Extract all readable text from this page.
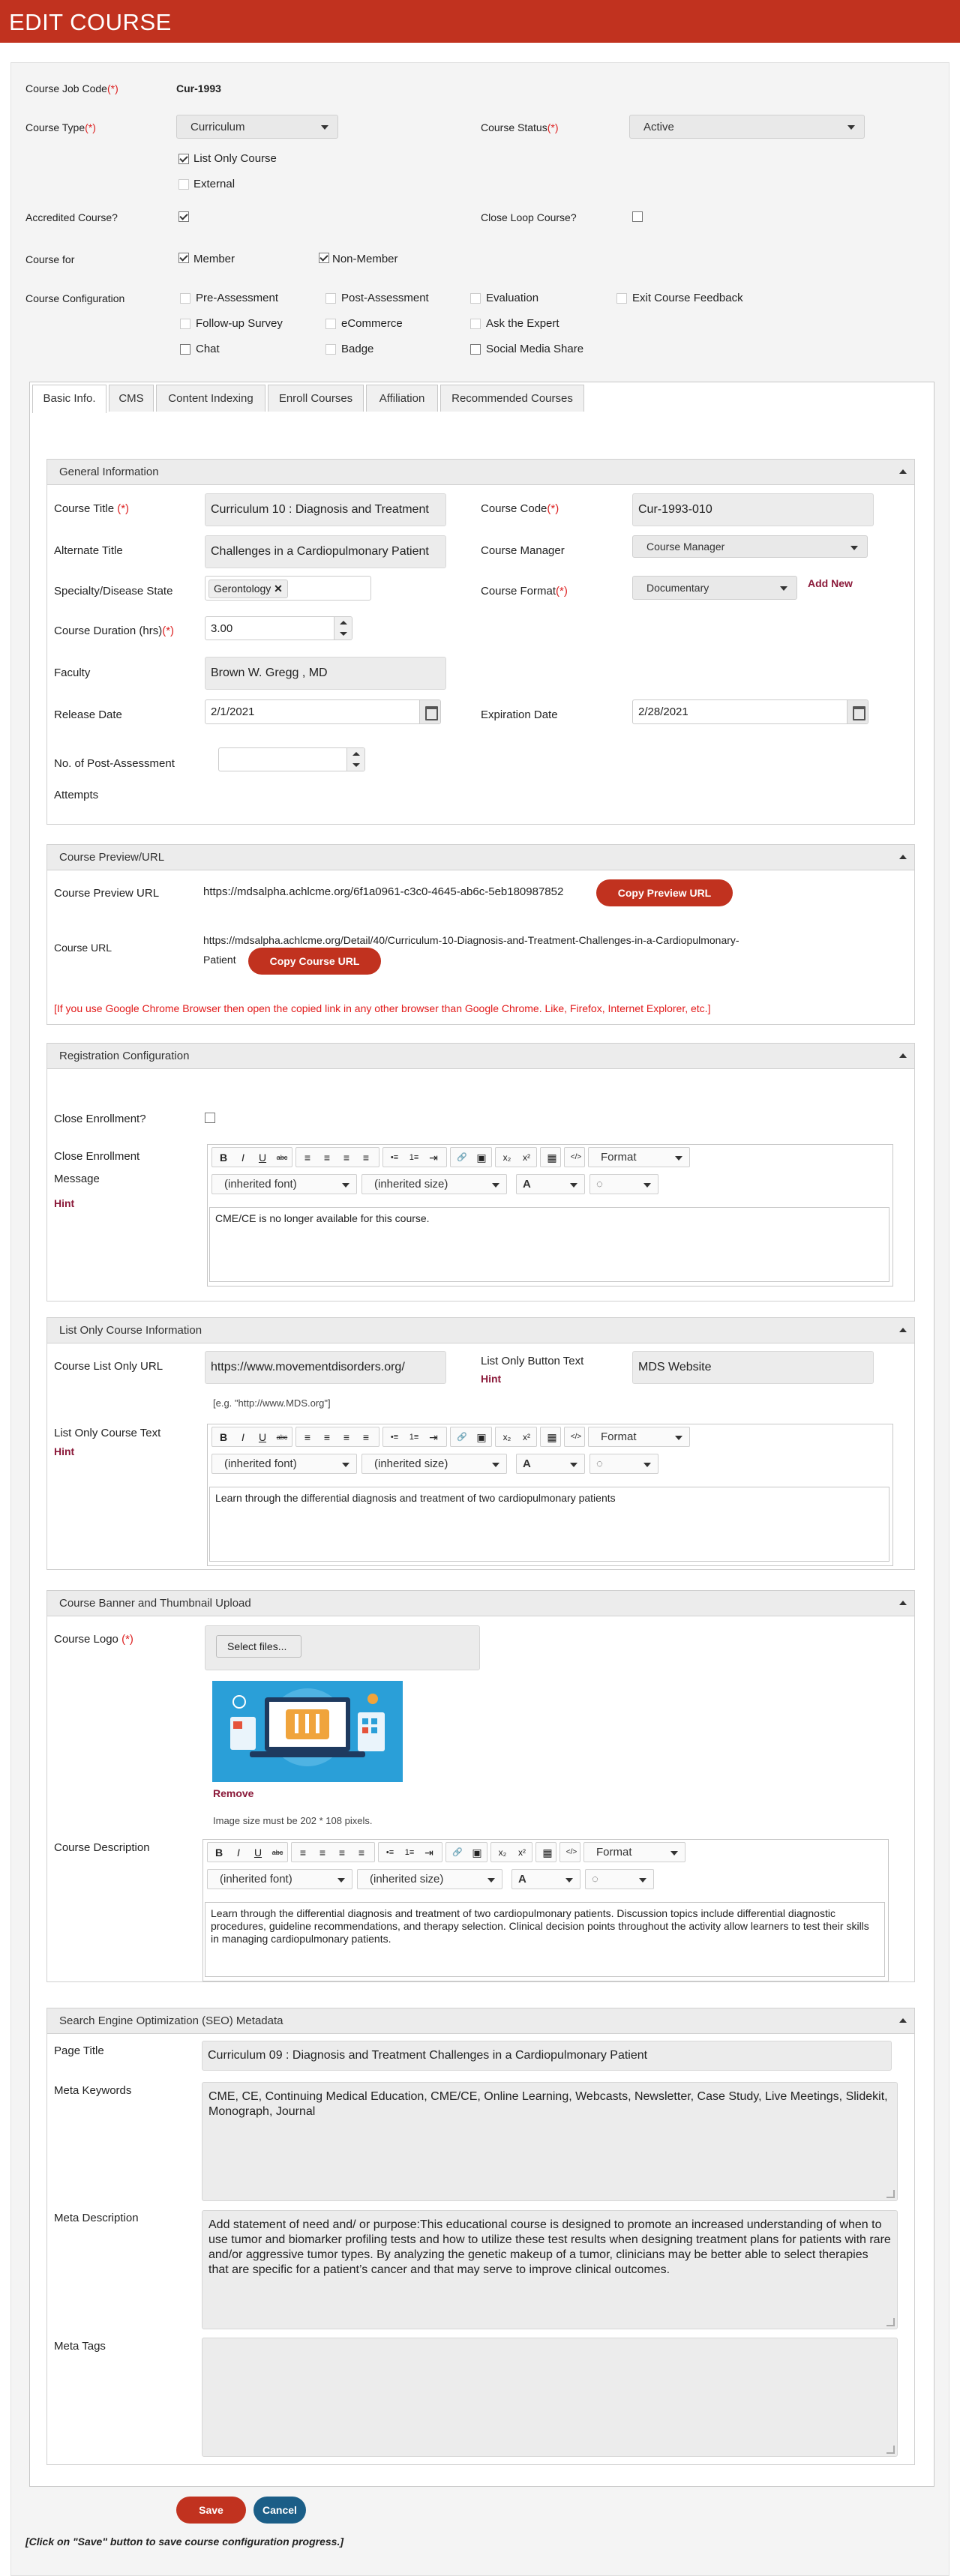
EDIT COURSE
Course Job Code(*)	Cur-1993
Course Type(*)	Curriculum	Course Status(*)	Active
List Only Course
External
Accredited Course?	Close Loop Course?
Course for	Member	Non-Member
Course Configuration	Pre-Assessment	Post-Assessment	Evaluation	Exit Course Feedback
Follow-up Survey	eCommerce	Ask the Expert
Chat	Badge	Social Media Share
Basic Info.	CMS	Content Indexing	Enroll Courses	Affiliation	Recommended Courses
General Information
Course Title (*)	Curriculum 10 : Diagnosis and Treatment	Course Code(*)	Cur-1993-010
Alternate Title	Challenges in a Cardiopulmonary Patient	Course Manager	Course Manager
Specialty/Disease State	Gerontology ✕	Course Format(*)	Documentary	Add New
Course Duration (hrs)(*)	3.00
Faculty	Brown W. Gregg , MD
Release Date	2/1/2021	Expiration Date	2/28/2021
No. of Post-Assessment
Attempts
Course Preview/URL
Course Preview URL	https://mdsalpha.achlcme.org/6f1a0961-c3c0-4645-ab6c-5eb180987852	Copy Preview URL
Course URL
https://mdsalpha.achlcme.org/Detail/40/Curriculum-10-Diagnosis-and-Treatment-Challenges-in-a-Cardiopulmonary-
Patient	Copy Course URL
[If you use Google Chrome Browser then open the copied link in any other browser than Google Chrome. Like, Firefox, Internet Explorer, etc.]
Registration Configuration
Close Enrollment?
Close Enrollment
Message
Hint
List Only Course Information
Course List Only URL	https://www.movementdisorders.org/
[e.g. "http://www.MDS.org"]
List Only Button Text
Hint
MDS Website
List Only Course Text
Hint
Course Banner and Thumbnail Upload
Course Logo (*)
Select files...
Remove
Image size must be 202 * 108 pixels.
Course Description
Search Engine Optimization (SEO) Metadata
Page Title	Curriculum 09 : Diagnosis and Treatment Challenges in a Cardiopulmonary Patient
Meta Keywords	CME, CE, Continuing Medical Education, CME/CE, Online Learning, Webcasts, Newsletter, Case Study, Live Meetings, Slidekit, Monograph, Journal
Meta Description
Add statement of need and/ or purpose:This educational course is designed to promote an increased understanding of when to use tumor and biomarker profiling tests and how to utilize these test results when designing treatment plans for patients with rare and/or aggressive tumor types. By analyzing the genetic makeup of a tumor, clinicians may be better able to select therapies that are specific for a patient’s cancer and that may serve to improve clinical outcomes.
Meta Tags
Save	Cancel
[Click on "Save" button to save course configuration progress.]
B	I	U	abc	≡	≡	≡	≡	•≡	1≡ ⇥	🔗 ▣	x₂	x²	▦	</>	Format
(inherited font)	(inherited size)	A	◌
CME/CE is no longer available for this course.
B	I	U	abc	≡	≡	≡	≡	•≡	1≡ ⇥	🔗 ▣	x₂	x²	▦	</>	Format
(inherited font)	(inherited size)	A	◌
Learn through the differential diagnosis and treatment of two cardiopulmonary patients
B	I	U	abc	≡	≡	≡	≡	•≡	1≡ ⇥	🔗 ▣	x₂	x²	▦	</>	Format
(inherited font)	(inherited size)	A	◌
Learn through the differential diagnosis and treatment of two cardiopulmonary patients. Discussion topics include differential diagnostic procedures, guideline recommendations, and therapy selection. Clinical decision points throughout the activity allow learners to test their skills in managing cardiopulmonary patients.
